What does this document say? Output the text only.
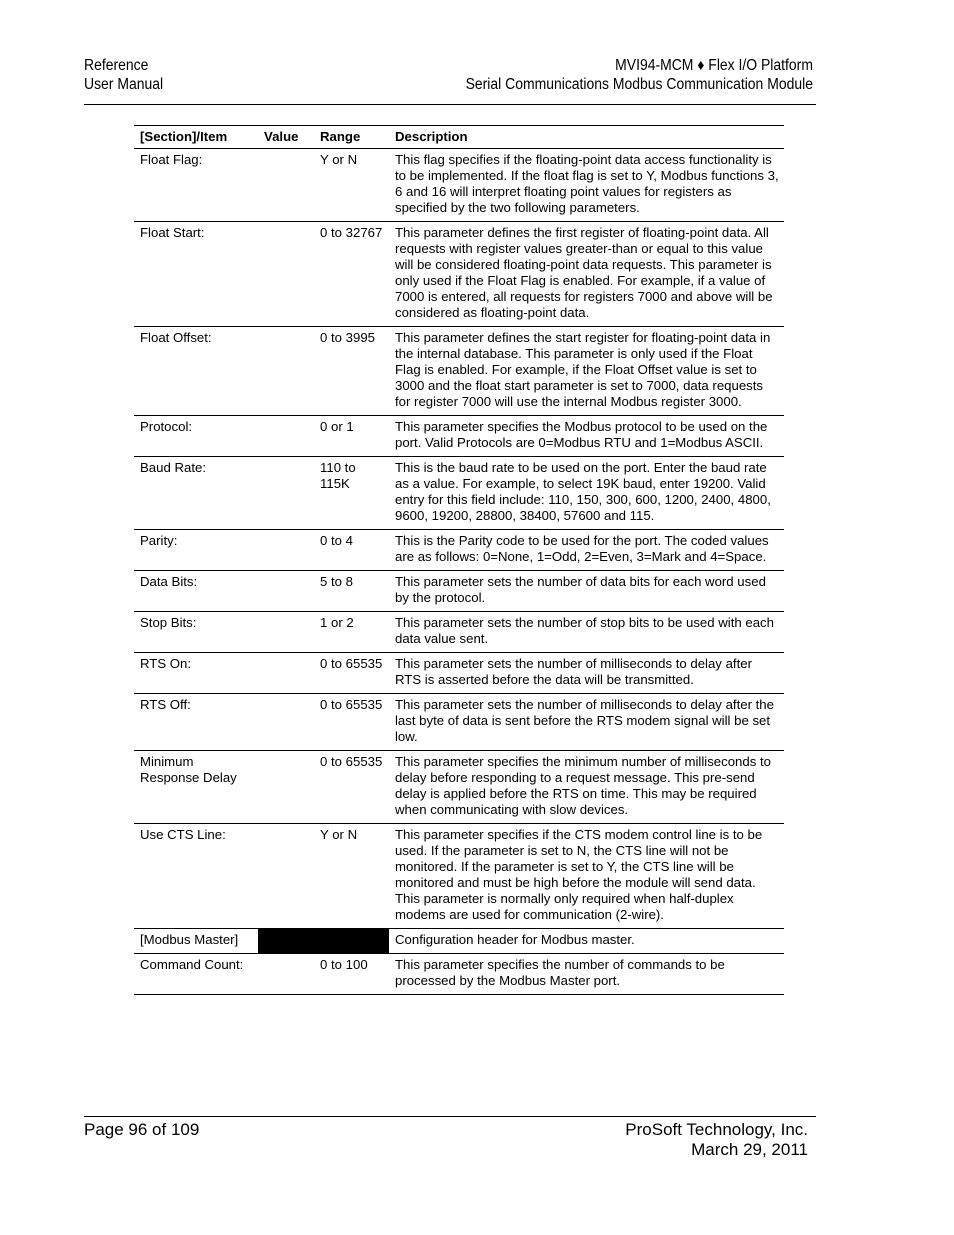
Reference
User Manual
MVI94-MCM ♦ Flex I/O Platform
Serial Communications Modbus Communication Module
[Section]/Item	Value	Range	Description
Float Flag:		Y or N	This flag specifies if the floating-point data access functionality is to be implemented. If the float flag is set to Y, Modbus functions 3, 6 and 16 will interpret floating point values for registers as specified by the two following parameters.
Float Start:		0 to 32767	This parameter defines the first register of floating-point data. All requests with register values greater-than or equal to this value will be considered floating-point data requests. This parameter is only used if the Float Flag is enabled. For example, if a value of 7000 is entered, all requests for registers 7000 and above will be considered as floating-point data.
Float Offset:		0 to 3995	This parameter defines the start register for floating-point data in the internal database. This parameter is only used if the Float Flag is enabled. For example, if the Float Offset value is set to 3000 and the float start parameter is set to 7000, data requests for register 7000 will use the internal Modbus register 3000.
Protocol:		0 or 1	This parameter specifies the Modbus protocol to be used on the port. Valid Protocols are 0=Modbus RTU and 1=Modbus ASCII.
Baud Rate:		110 to 115K	This is the baud rate to be used on the port. Enter the baud rate as a value. For example, to select 19K baud, enter 19200. Valid entry for this field include: 110, 150, 300, 600, 1200, 2400, 4800, 9600, 19200, 28800, 38400, 57600 and 115.
Parity:		0 to 4	This is the Parity code to be used for the port. The coded values are as follows: 0=None, 1=Odd, 2=Even, 3=Mark and 4=Space.
Data Bits:		5 to 8	This parameter sets the number of data bits for each word used by the protocol.
Stop Bits:		1 or 2	This parameter sets the number of stop bits to be used with each data value sent.
RTS On:		0 to 65535	This parameter sets the number of milliseconds to delay after RTS is asserted before the data will be transmitted.
RTS Off:		0 to 65535	This parameter sets the number of milliseconds to delay after the last byte of data is sent before the RTS modem signal will be set low.
Minimum Response Delay		0 to 65535	This parameter specifies the minimum number of milliseconds to delay before responding to a request message. This pre-send delay is applied before the RTS on time. This may be required when communicating with slow devices.
Use CTS Line:		Y or N	This parameter specifies if the CTS modem control line is to be used. If the parameter is set to N, the CTS line will not be monitored. If the parameter is set to Y, the CTS line will be monitored and must be high before the module will send data. This parameter is normally only required when half-duplex modems are used for communication (2-wire).
[Modbus Master]			Configuration header for Modbus master.
Command Count:		0 to 100	This parameter specifies the number of commands to be processed by the Modbus Master port.
Page 96 of 109	ProSoft Technology, Inc.
March 29, 2011
